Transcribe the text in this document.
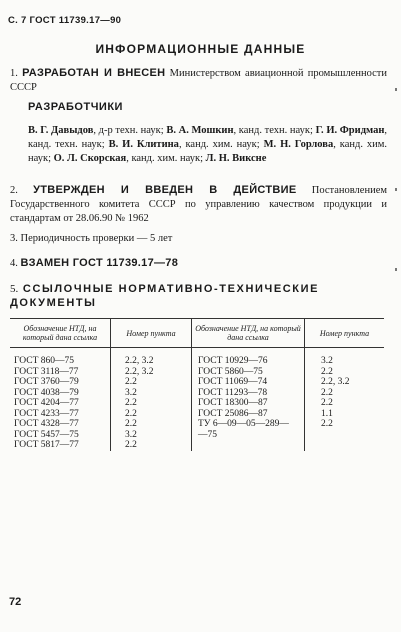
С. 7 ГОСТ 11739.17—90
ИНФОРМАЦИОННЫЕ ДАННЫЕ
1. РАЗРАБОТАН И ВНЕСЕН Министерством авиационной промышленности СССР
РАЗРАБОТЧИКИ
В. Г. Давыдов, д-р техн. наук; В. А. Мошкин, канд. техн. наук; Г. И. Фридман, канд. техн. наук; В. И. Клитина, канд. хим. наук; М. Н. Горлова, канд. хим. наук; О. Л. Скорская, канд. хим. наук; Л. Н. Виксне
2. УТВЕРЖДЕН И ВВЕДЕН В ДЕЙСТВИЕ Постановлением Государственного комитета СССР по управлению качеством продукции и стандартам от 28.06.90 № 1962
3. Периодичность проверки — 5 лет
4. ВЗАМЕН ГОСТ 11739.17—78
5. ССЫЛОЧНЫЕ НОРМАТИВНО-ТЕХНИЧЕСКИЕ ДОКУМЕНТЫ
Обозначение НТД, на который дана ссылка	Номер пункта	Обозначение НТД, на который дана ссылка	Номер пункта
ГОСТ 860—75	2.2, 3.2	ГОСТ 10929—76	3.2
ГОСТ 3118—77	2.2, 3.2	ГОСТ 5860—75	2.2
ГОСТ 3760—79	2.2	ГОСТ 11069—74	2.2, 3.2
ГОСТ 4038—79	3.2	ГОСТ 11293—78	2.2
ГОСТ 4204—77	2.2	ГОСТ 18300—87	2.2
ГОСТ 4233—77	2.2	ГОСТ 25086—87	1.1
ГОСТ 4328—77	2.2	ТУ 6—09—05—289—	2.2
ГОСТ 5457—75	3.2	—75	
ГОСТ 5817—77	2.2		
72
